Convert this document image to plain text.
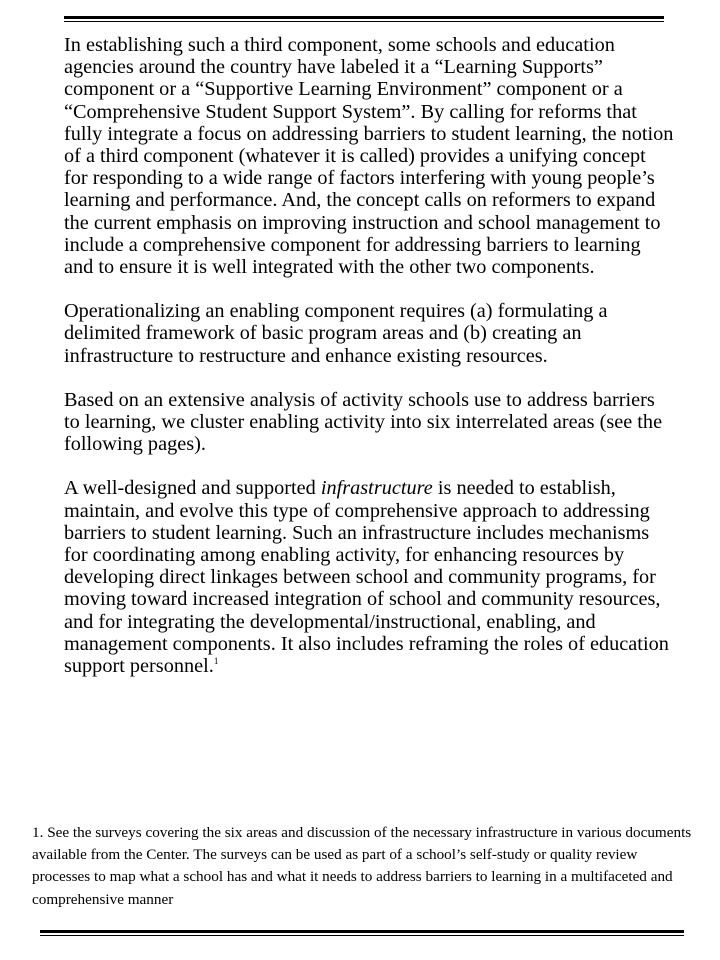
In establishing such a third component, some schools and education agencies around the country have labeled it a “Learning Supports” component or a “Supportive Learning Environment” component or a “Comprehensive Student Support System”. By calling for reforms that fully integrate a focus on addressing barriers to student learning, the notion of a third component (whatever it is called) provides a unifying concept for responding to a wide range of factors interfering with young people’s learning and performance. And, the concept calls on reformers to expand the current emphasis on improving instruction and school management to include a comprehensive component for addressing barriers to learning and to ensure it is well integrated with the other two components.

Operationalizing an enabling component requires (a) formulating a delimited framework of basic program areas and (b) creating an infrastructure to restructure and enhance existing resources.

Based on an extensive analysis of activity schools use to address barriers to learning, we cluster enabling activity into six interrelated areas (see the following pages).

A well-designed and supported infrastructure is needed to establish, maintain, and evolve this type of comprehensive approach to addressing barriers to student learning. Such an infrastructure includes mechanisms for coordinating among enabling activity, for enhancing resources by developing direct linkages between school and community programs, for moving toward increased integration of school and community resources, and for integrating the developmental/instructional, enabling, and management components. It also includes reframing the roles of education support personnel.$^1$

1. See the surveys covering the six areas and discussion of the necessary infrastructure in various documents available from the Center. The surveys can be used as part of a school’s self-study or quality review processes to map what a school has and what it needs to address barriers to learning in a multifaceted and comprehensive manner
